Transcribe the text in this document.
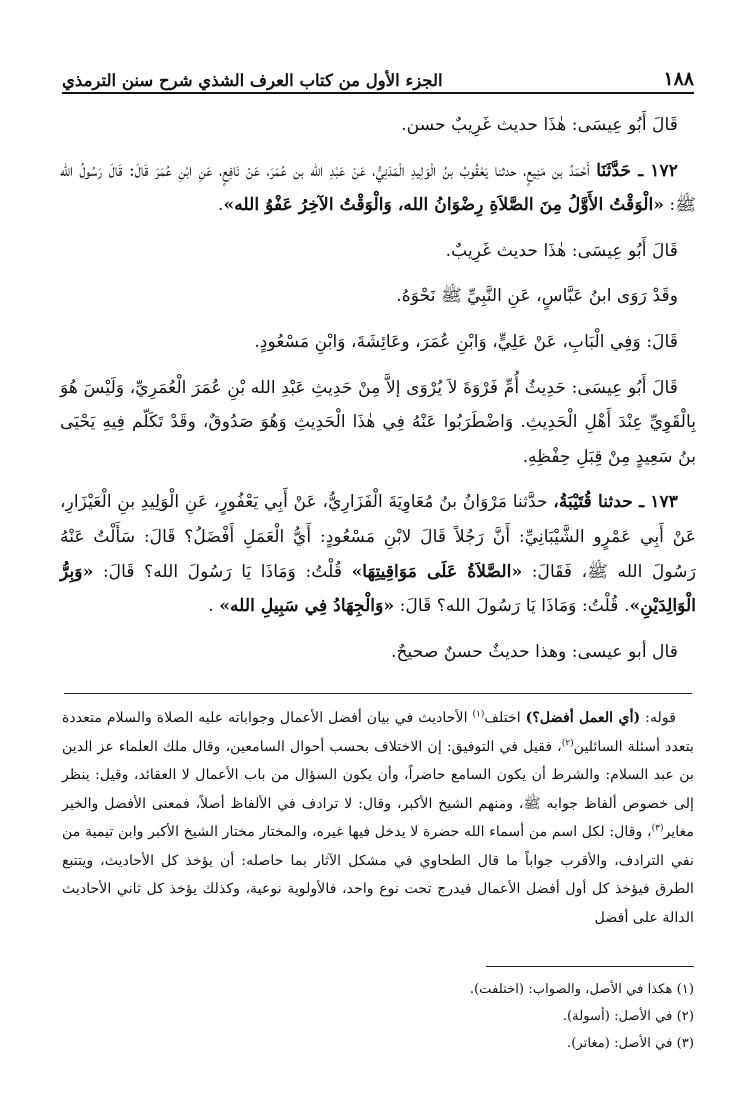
١٨٨
الجزء الأول من كتاب العرف الشذي شرح سنن الترمذي

قَالَ أَبُو عِيسَى: هٰذَا حديث غَرِيبٌ حسن.

١٧٢ ـ حَدَّثَنَا أَحْمَدُ بن مَنِيعٍ، حدثنا يَعْقُوبُ بنُ الْوَلِيدِ الْمَدَنِيُّ، عَنْ عَبْدِ الله بن عُمَرَ، عَنْ نَافِعٍ، عَنِ ابْنِ عُمَرَ قَالَ: قَالَ رَسُولُ الله ﷺ: «الْوَقْتُ الأَوَّلُ مِنَ الصَّلاَةِ رِضْوَانُ الله، وَالْوَقْتُ الآخِرُ عَفْوُ الله».

قَالَ أَبُو عِيسَى: هٰذَا حديث غَرِيبٌ.

وقَدْ رَوَى ابنُ عَبَّاسٍ، عَنِ النَّبِيِّ ﷺ نَحْوَهُ.

قَالَ: وَفِي الْبَابِ، عَنْ عَلِيٍّ، وَابْنِ عُمَرَ، وعَائِشَةَ، وَابْنِ مَسْعُودٍ.

قَالَ أَبُو عِيسَى: حَدِيثُ أُمِّ فَرْوَةَ لاَ يُرْوَى إلاَّ مِنْ حَدِيثِ عَبْدِ الله بْنِ عُمَرَ الْعُمَرِيِّ، وَلَيْسَ هُوَ بِالْقَوِيِّ عِنْدَ أَهْلِ الْحَدِيثِ. وَاضْطَرَبُوا عَنْهُ فِي هٰذَا الْحَدِيثِ وَهُوَ صَدُوقٌ، وقَدْ تَكَلّم فِيهِ يَحْيَى بنُ سَعِيدٍ مِنْ قِبَلِ حِفْظِهِ.

١٧٣ ـ حدثنا قُتَيْبَةُ، حدَّثنا مَرْوَانُ بنُ مُعَاوِيَةَ الْفَزَارِيُّ، عَنْ أَبِي يَعْفُورٍ، عَنِ الْوَلِيدِ بنِ الْعَيْزَارِ، عَنْ أَبِي عَمْرٍو الشَّيْبَانِيِّ: أَنَّ رَجُلاً قَالَ لابْنِ مَسْعُودٍ: أَيُّ الْعَمَلِ أَفْضَلُ؟ قَالَ: سَأَلْتُ عَنْهُ رَسُولَ الله ﷺ، فَقَالَ: «الصَّلاَةُ عَلَى مَوَاقِيتِهَا» قُلْتُ: وَمَاذَا يَا رَسُولَ الله؟ قَالَ: «وَبِرُّ الْوَالِدَيْنِ». قُلْتُ: وَمَاذَا يَا رَسُولَ الله؟ قَالَ: «وَالْجِهَادُ فِي سَبِيلِ الله» .

قال أبو عيسى: وهذا حديثٌ حسنٌ صحيحٌ.

قوله: (أي العمل أفضل؟) اختلف$^{(١)}$ الأحاديث في بيان أفضل الأعمال وجواباته عليه الصلاة والسلام متعددة بتعدد أسئلة السائلين$^{(٢)}$، فقيل في التوفيق: إن الاختلاف بحسب أحوال السامعين، وقال ملك العلماء عز الدين بن عبد السلام: والشرط أن يكون السامع حاضراً، وأن يكون السؤال من باب الأعمال لا العقائد، وقيل: ينظر إلى خصوص ألفاظ جوابه ﷺ، ومنهم الشيخ الأكبر، وقال: لا ترادف في الألفاظ أصلاً، فمعنى الأفضل والخير مغاير$^{(٣)}$، وقال: لكل اسم من أسماء الله حضرة لا يدخل فيها غيره، والمختار مختار الشيخ الأكبر وابن تيمية من نفي الترادف، والأقرب جواباً ما قال الطحاوي في مشكل الآثار بما حاصله: أن يؤخذ كل الأحاديث، ويتتبع الطرق فيؤخذ كل أول أفضل الأعمال فيدرج تحت نوع واحد، فالأولوية نوعية، وكذلك يؤخذ كل ثاني الأحاديث الدالة على أفضل

(١) هكذا في الأصل، والصواب: (اختلفت).
(٢) في الأصل: (أسولة).
(٣) في الأصل: (مغاتر).
